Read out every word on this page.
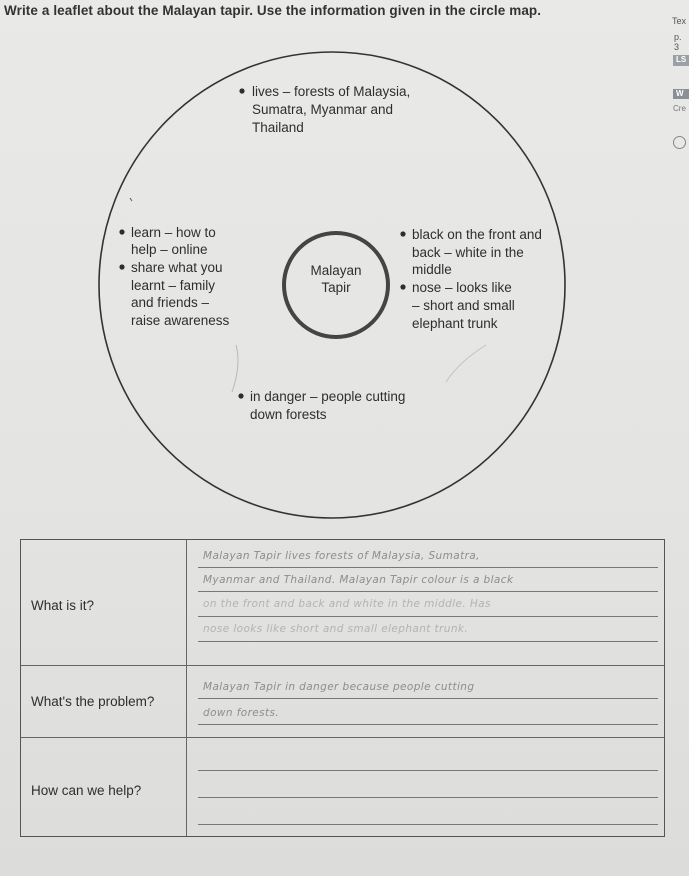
Write a leaflet about the Malayan tapir. Use the information given in the circle map.
Tex
p. 3
LS
W
Cre
Malayan
Tapir
lives – forests of Malaysia,
Sumatra, Myanmar and
Thailand
learn – how to
help – online
share what you
learnt – family
and friends –
raise awareness
black on the front and
back – white in the
middle
nose – looks like
– short and small
elephant trunk
in danger – people cutting
down forests
What is it?
Malayan Tapir lives forests of Malaysia, Sumatra,
Myanmar and Thailand. Malayan Tapir colour is a black
on the front and back and white in the middle. Has
nose looks like short and small elephant trunk.
What's the problem?
Malayan Tapir in danger because people cutting
down forests.
How can we help?
